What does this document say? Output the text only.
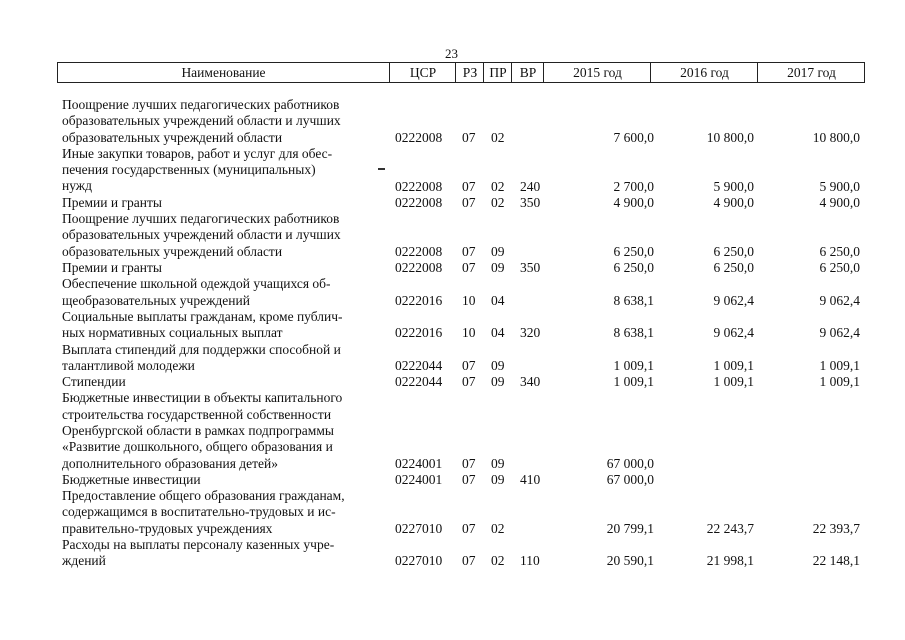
23
Наименование	ЦСР	РЗ ПР ВР	2015 год	2016 год	2017 год
Поощрение лучших педагогических работников
образовательных учреждений области и лучших
образовательных учреждений области	0222008 07 02	7 600,0	10 800,0	10 800,0
Иные закупки товаров, работ и услуг для обес-
печения государственных (муниципальных)
нужд	0222008 07 02 240	2 700,0	5 900,0	5 900,0
Премии и гранты	0222008 07 02 350	4 900,0	4 900,0	4 900,0
Поощрение лучших педагогических работников
образовательных учреждений области и лучших
образовательных учреждений области	0222008 07 09	6 250,0	6 250,0	6 250,0
Премии и гранты	0222008 07 09 350	6 250,0	6 250,0	6 250,0
Обеспечение школьной одеждой учащихся об-
щеобразовательных учреждений	0222016 10 04	8 638,1	9 062,4	9 062,4
Социальные выплаты гражданам, кроме публич-
ных нормативных социальных выплат	0222016 10 04 320	8 638,1	9 062,4	9 062,4
Выплата стипендий для поддержки способной и
талантливой молодежи	0222044 07 09	1 009,1	1 009,1	1 009,1
Стипендии	0222044 07 09 340	1 009,1	1 009,1	1 009,1
Бюджетные инвестиции в объекты капитального
строительства государственной собственности
Оренбургской области в рамках подпрограммы
«Развитие дошкольного, общего образования и
дополнительного образования детей»	0224001 07 09	67 000,0
Бюджетные инвестиции	0224001 07 09 410	67 000,0
Предоставление общего образования гражданам,
содержащимся в воспитательно-трудовых и ис-
правительно-трудовых учреждениях	0227010 07 02	20 799,1	22 243,7	22 393,7
Расходы на выплаты персоналу казенных учре-
ждений	0227010 07 02 110	20 590,1	21 998,1	22 148,1
